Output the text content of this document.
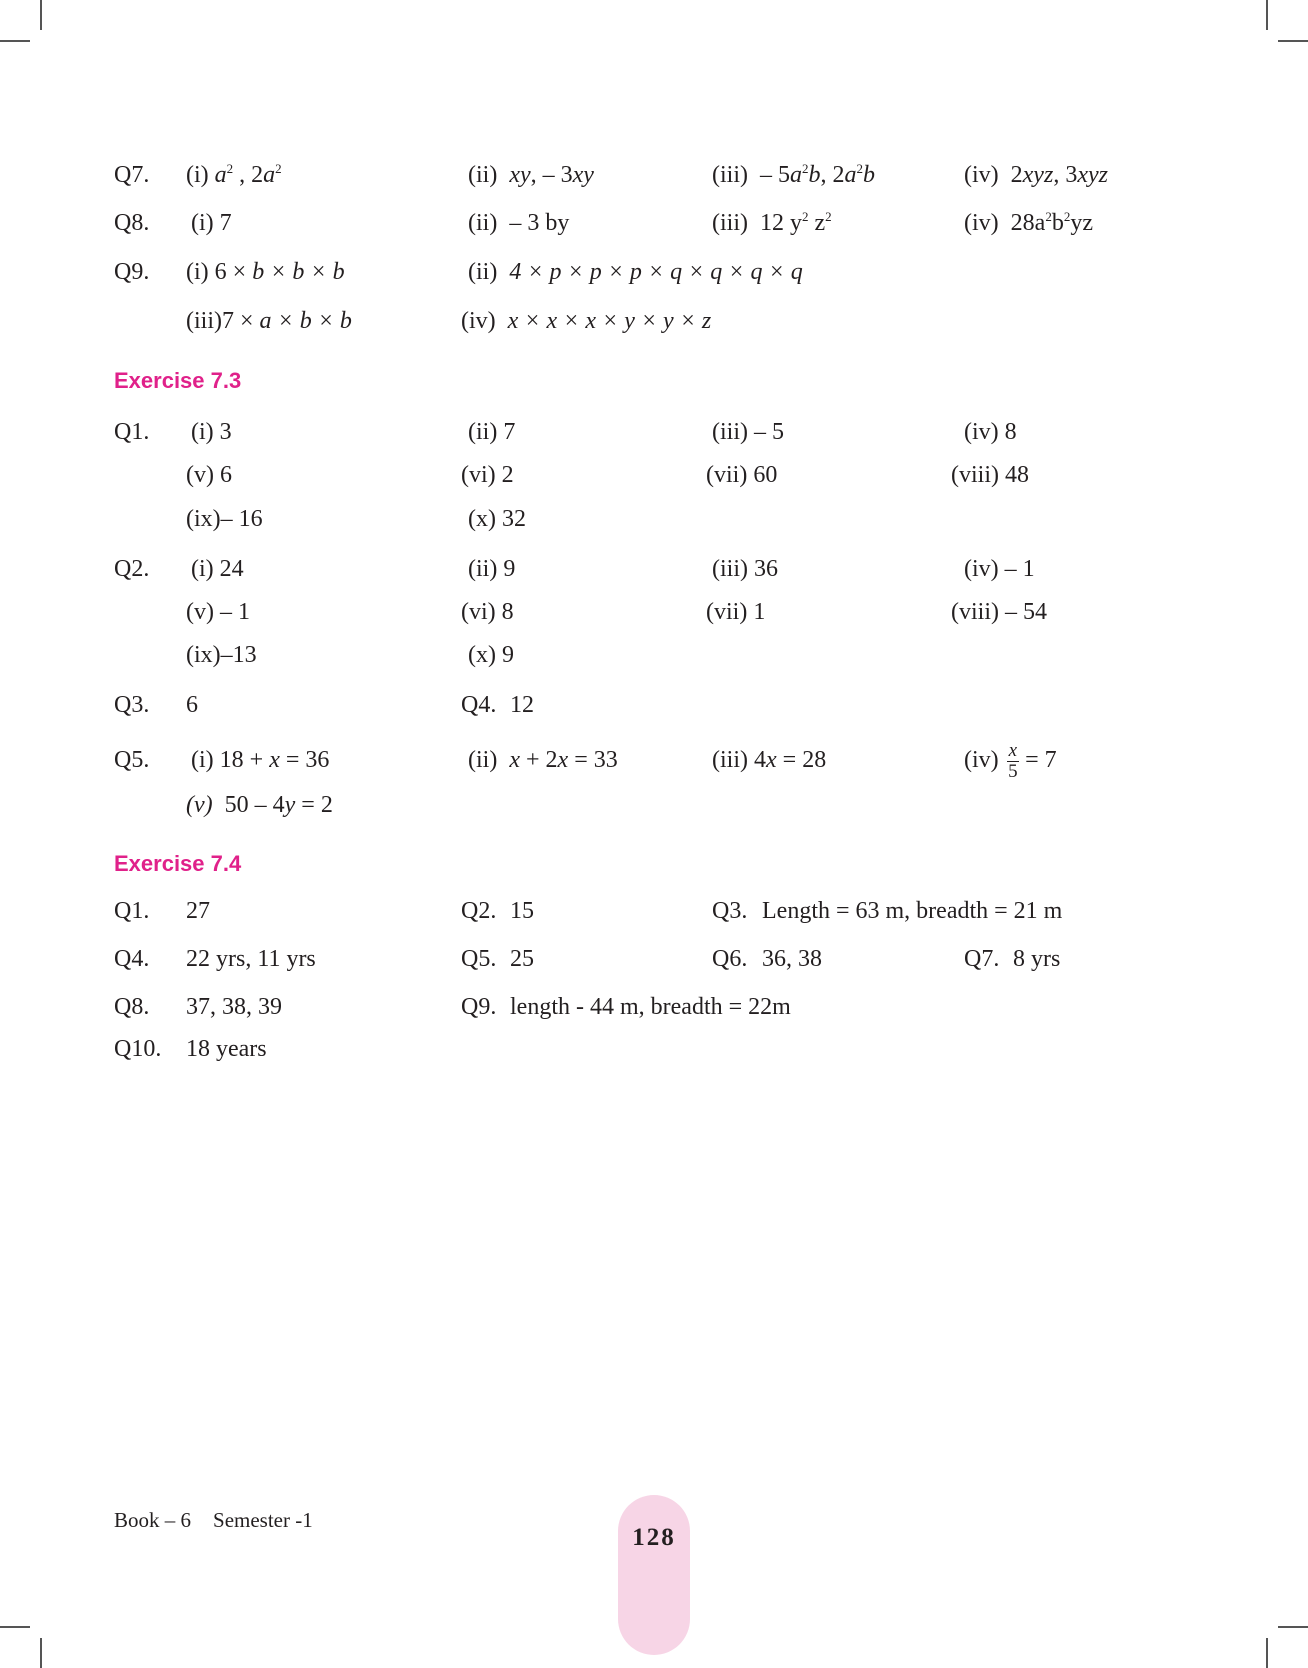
Q7. (i) $a^2$ , $2a^2$	(ii) xy, – 3xy	$(iii) - 5a^2b$, $2a^2b$	(iv) 2xyz, 3xyz
Q8. (i) 7	(ii) – 3 by	(iii) 12 $y^2$ $z^2$	(iv) $28a^2b^2yz$
Q9. (i) 6 × b × b × b	(ii) 4 × p × p × p × q × q × q × q
(iii)7 × a × b × b	(iv) x × x × x × y × y × z
Exercise 7.3
Q1. (i) 3	(ii) 7	(iii) – 5	(iv) 8
(v) 6	(vi) 2	(vii) 60	(viii) 48
(ix)– 16	(x) 32
Q2. (i) 24	(ii) 9	(iii) 36	(iv) – 1
(v) – 1	(vi) 8	(vii) 1	(viii) – 54
(ix)–13	(x) 9
Q3. 6	Q4. 12
Q5. (i) 18 + x = 36	(ii) x + 2x = 33	(iii) 4x = 28	$(iv) \frac{x}{5} = 7$
(v) 50 – 4y = 2
Exercise 7.4
Q1. 27	Q2. 15	Q3. Length = 63 m, breadth = 21 m
Q4. 22 yrs, 11 yrs	Q5. 25	Q6. 36, 38	Q7. 8 yrs
Q8. 37, 38, 39	Q9. length - 44 m, breadth = 22m
Q10. 18 years
Book – 6 Semester -1
128
